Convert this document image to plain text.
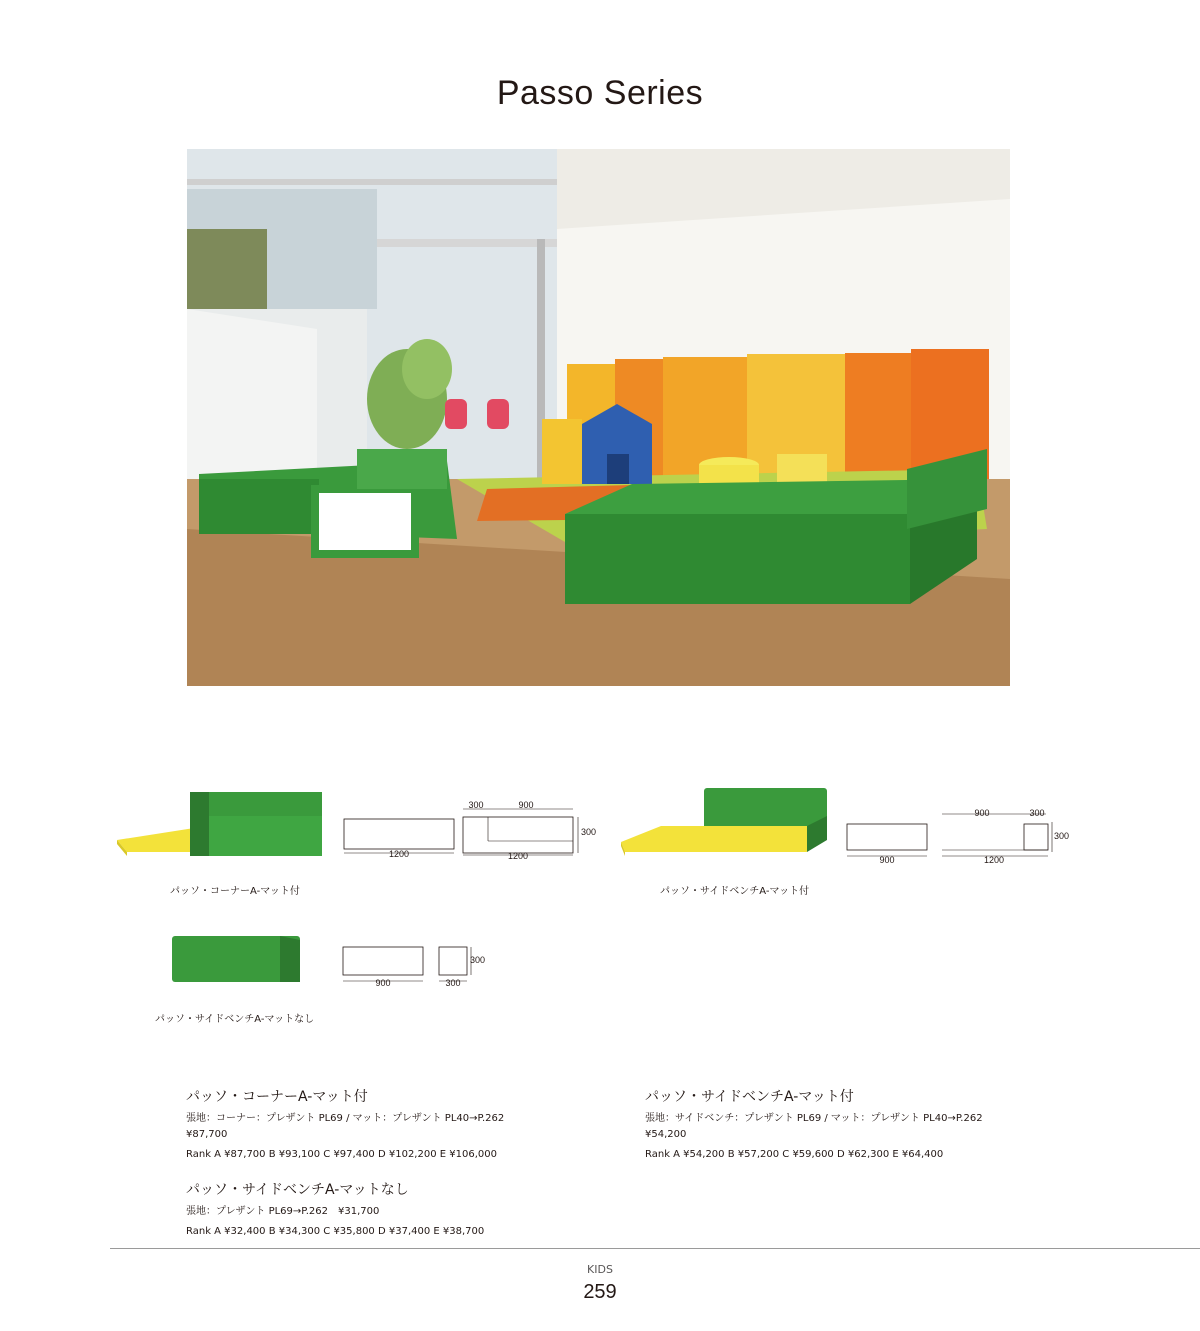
Passo Series
1200
300	900
300
1200
パッソ・コーナーA-マット付
900
900	300
300
1200
パッソ・サイドベンチA-マット付
900	300
300
パッソ・サイドベンチA-マットなし
パッソ・コーナーA-マット付
張地：コーナー：プレザント PL69 / マット：プレザント PL40→P.262
¥87,700
Rank A ¥87,700 B ¥93,100 C ¥97,400 D ¥102,200 E ¥106,000
パッソ・サイドベンチA-マットなし
張地：プレザント PL69→P.262　¥31,700
Rank A ¥32,400 B ¥34,300 C ¥35,800 D ¥37,400 E ¥38,700
パッソ・サイドベンチA-マット付
張地：サイドベンチ：プレザント PL69 / マット：プレザント PL40→P.262
¥54,200
Rank A ¥54,200 B ¥57,200 C ¥59,600 D ¥62,300 E ¥64,400
KIDS
259
